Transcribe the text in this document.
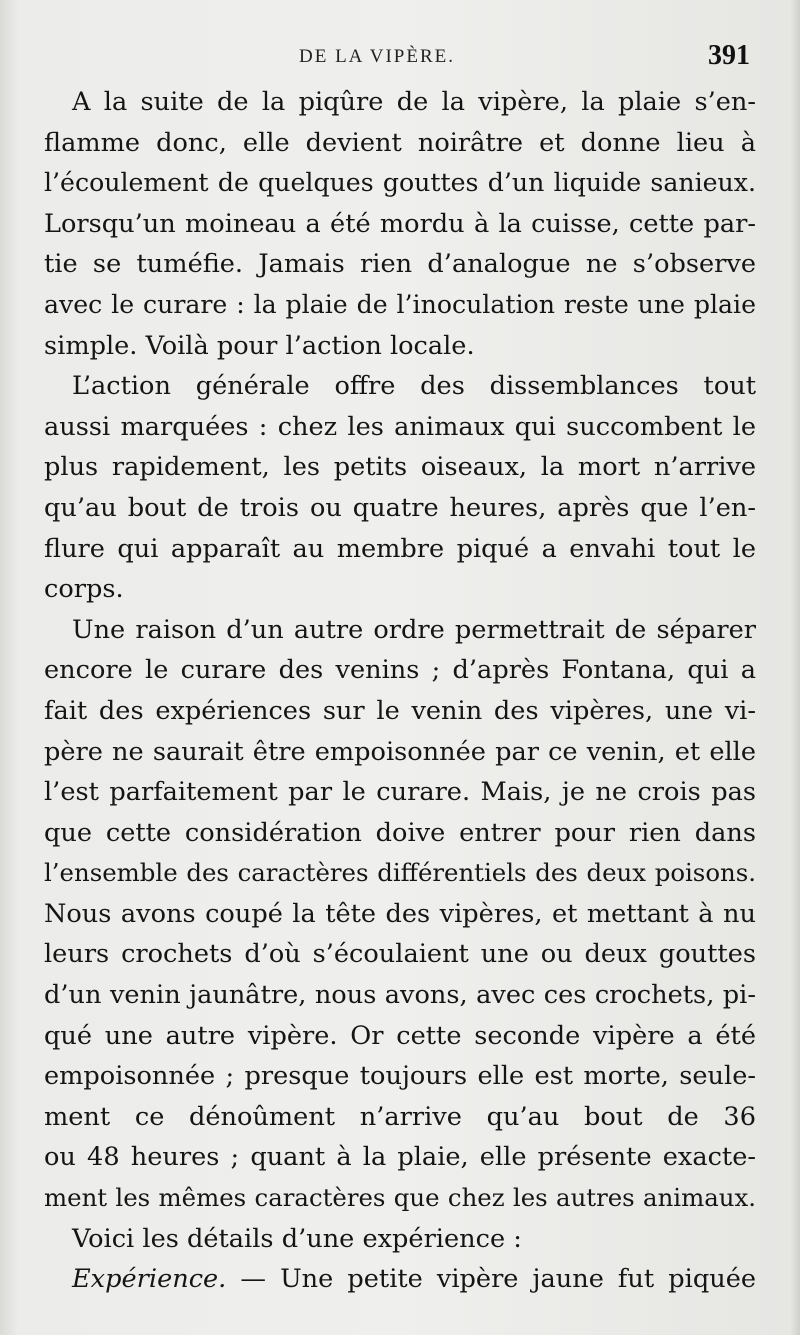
DE LA VIPÈRE.	391
A la suite de la piqûre de la vipère, la plaie s’en-
flamme donc, elle devient noirâtre et donne lieu à
l’écoulement de quelques gouttes d’un liquide sanieux.
Lorsqu’un moineau a été mordu à la cuisse, cette par-
tie se tuméfie. Jamais rien d’analogue ne s’observe
avec le curare : la plaie de l’inoculation reste une plaie
simple. Voilà pour l’action locale.
L’action générale offre des dissemblances tout
aussi marquées : chez les animaux qui succombent le
plus rapidement, les petits oiseaux, la mort n’arrive
qu’au bout de trois ou quatre heures, après que l’en-
flure qui apparaît au membre piqué a envahi tout le
corps.
Une raison d’un autre ordre permettrait de séparer
encore le curare des venins ; d’après Fontana, qui a
fait des expériences sur le venin des vipères, une vi-
père ne saurait être empoisonnée par ce venin, et elle
l’est parfaitement par le curare. Mais, je ne crois pas
que cette considération doive entrer pour rien dans
l’ensemble des caractères différentiels des deux poisons.
Nous avons coupé la tête des vipères, et mettant à nu
leurs crochets d’où s’écoulaient une ou deux gouttes
d’un venin jaunâtre, nous avons, avec ces crochets, pi-
qué une autre vipère. Or cette seconde vipère a été
empoisonnée ; presque toujours elle est morte, seule-
ment ce dénoûment n’arrive qu’au bout de 36
ou 48 heures ; quant à la plaie, elle présente exacte-
ment les mêmes caractères que chez les autres animaux.
Voici les détails d’une expérience :
Expérience. — Une petite vipère jaune fut piquée
